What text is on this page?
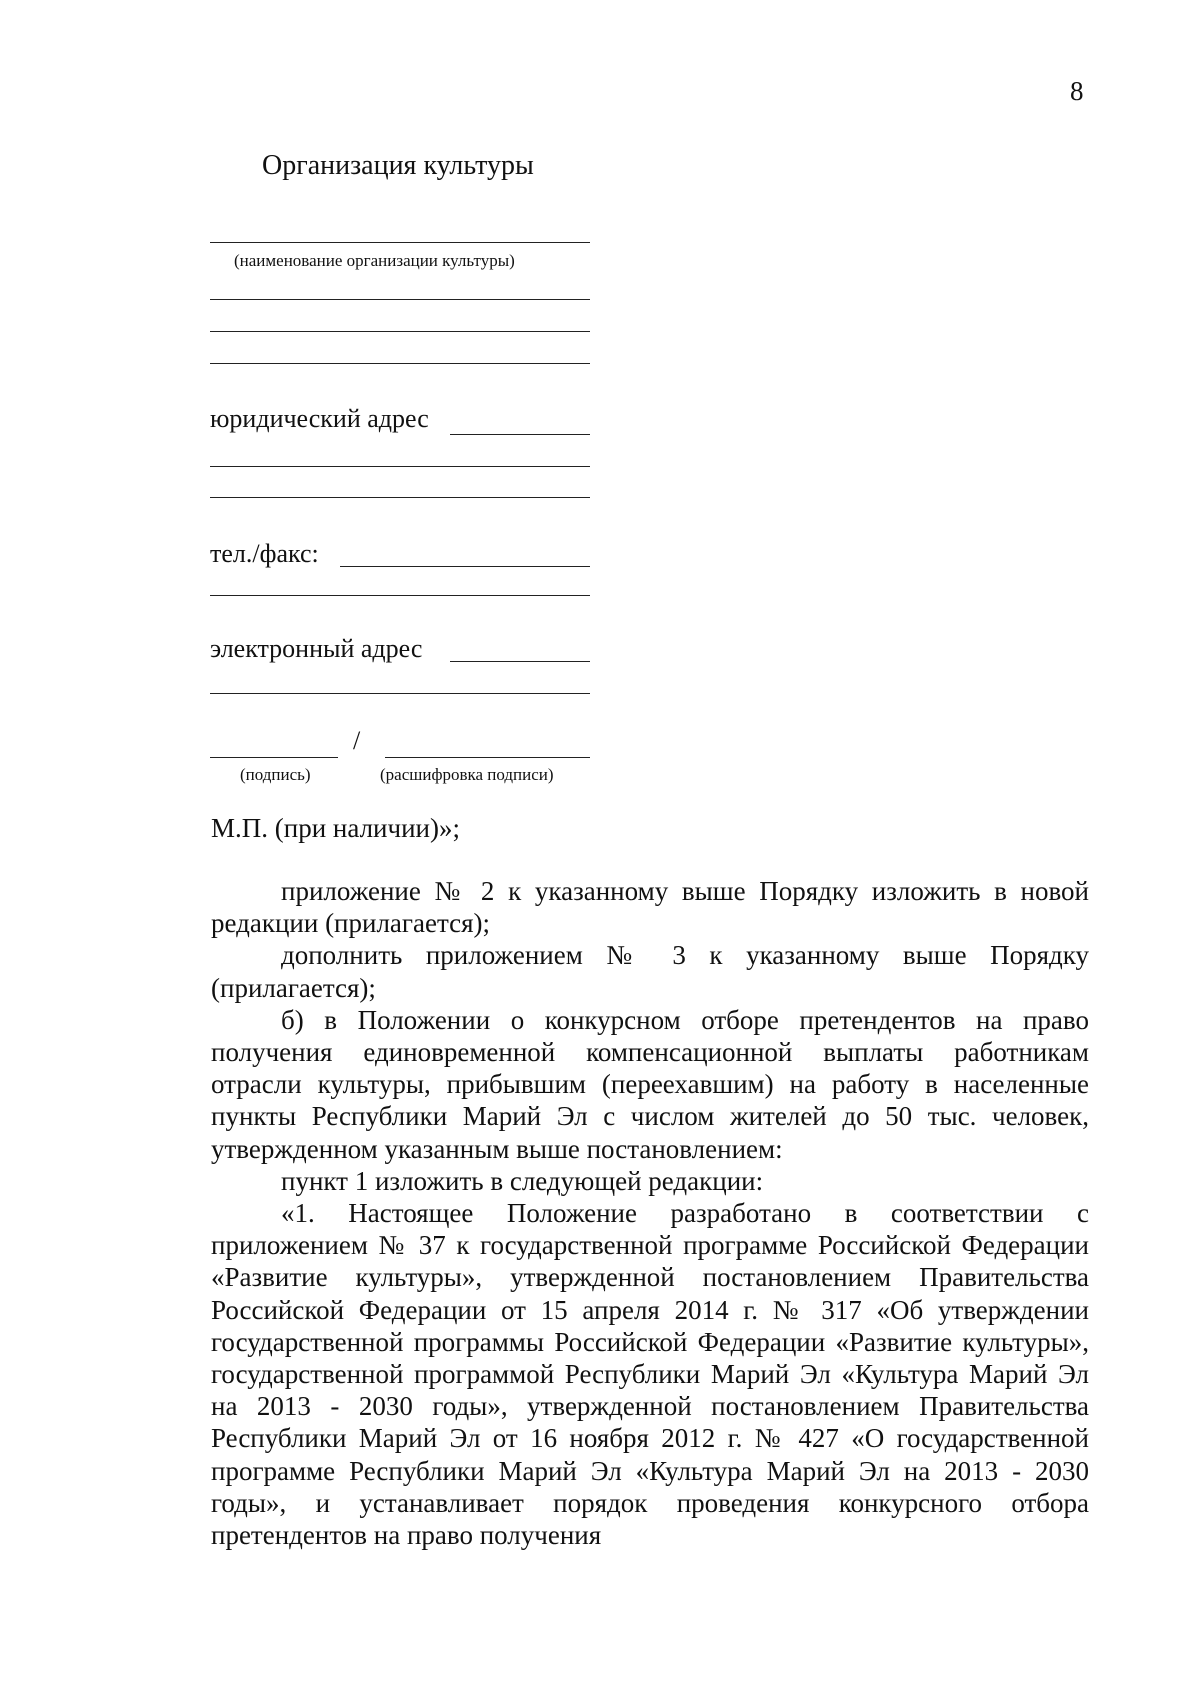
8
Организация культуры
(наименование организации культуры)
юридический адрес
тел./факс:
электронный адрес
/
(подпись)	(расшифровка подписи)
М.П. (при наличии)»;

приложение № 2 к указанному выше Порядку изложить в новой редакции (прилагается);

дополнить приложением № 3 к указанному выше Порядку (прилагается);

б) в Положении о конкурсном отборе претендентов на право получения единовременной компенсационной выплаты работникам отрасли культуры, прибывшим (переехавшим) на работу в населенные пункты Республики Марий Эл с числом жителей до 50 тыс. человек, утвержденном указанным выше постановлением:

пункт 1 изложить в следующей редакции:

«1. Настоящее Положение разработано в соответствии с приложением № 37 к государственной программе Российской Федерации «Развитие культуры», утвержденной постановлением Правительства Российской Федерации от 15 апреля 2014 г. № 317 «Об утверждении государственной программы Российской Федерации «Развитие культуры», государственной программой Республики Марий Эл «Культура Марий Эл на 2013 - 2030 годы», утвержденной постановлением Правительства Республики Марий Эл от 16 ноября 2012 г. № 427 «О государственной программе Республики Марий Эл «Культура Марий Эл на 2013 - 2030 годы», и устанавливает порядок проведения конкурсного отбора претендентов на право получения
